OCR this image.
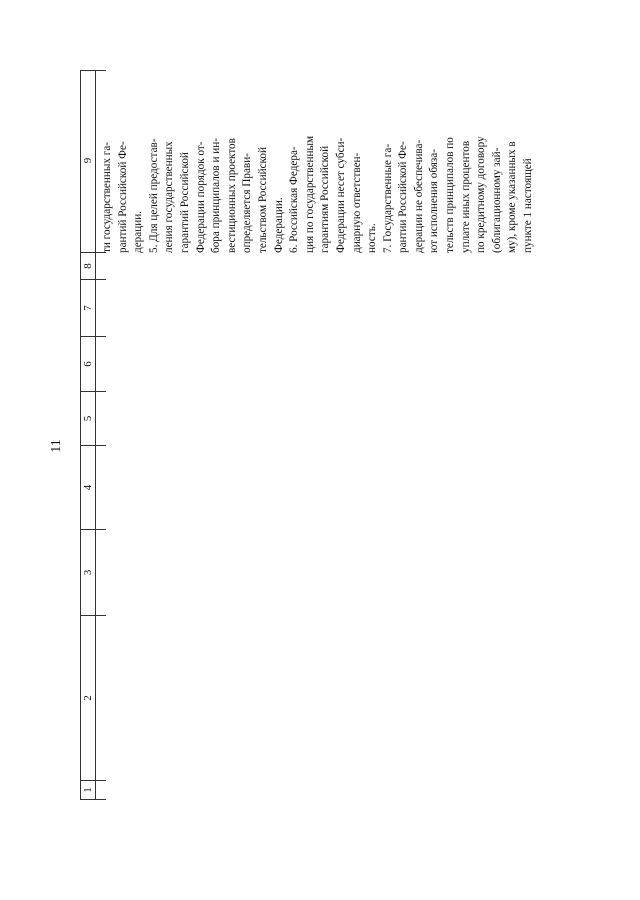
11
1
2
3
4
5
6
7
8
9 ти государственных га- рантий Российской Фе- дерации. 5. Для целей предостав- ления государственных гарантий Российской Федерации порядок от- бора принципалов и ин- вестиционных проектов определяется Прави- тельством Российской Федерации. 6. Российская Федера- ция по государственным гарантиям Российской Федерации несет субси- диарную ответствен- ность. 7. Государственные га- рантии Российской Фе- дерации не обеспечива- ют исполнения обяза- тельств принципалов по уплате иных процентов по кредитному договору (облигационному зай- му), кроме указанных в пункте 1 настоящей
